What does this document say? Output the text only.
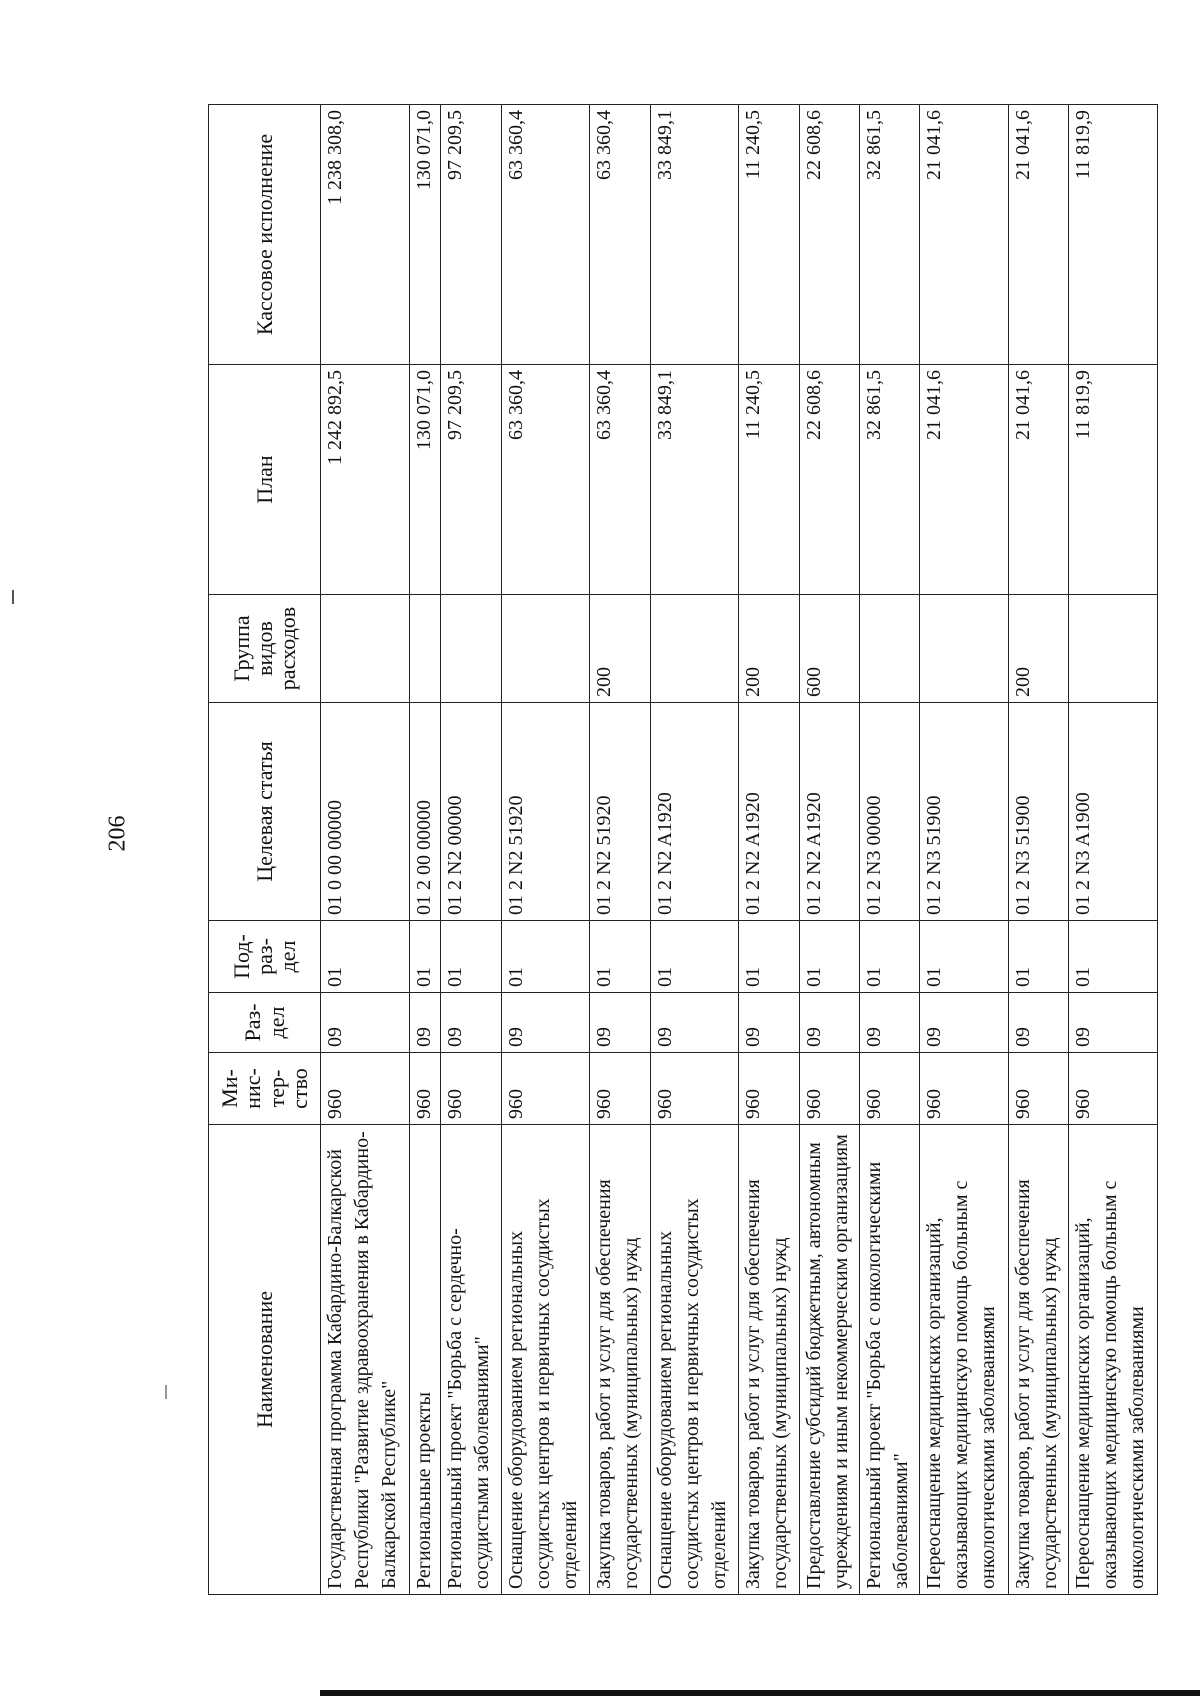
206
Наименование	Ми-нис-тер-ство	Раз-дел	Под-раз-дел	Целевая статья	Группа видов расходов	План	Кассовое исполнение
Государственная программа Кабардино-Балкарской Республики "Развитие здравоохранения в Кабардино-Балкарской Республике"	960	09	01	01 0 00 00000		1 242 892,5	1 238 308,0
Региональные проекты	960	09	01	01 2 00 00000		130 071,0	130 071,0
Региональный проект "Борьба с сердечно-сосудистыми заболеваниями"	960	09	01	01 2 N2 00000		97 209,5	97 209,5
Оснащение оборудованием региональных сосудистых центров и первичных сосудистых отделений	960	09	01	01 2 N2 51920		63 360,4	63 360,4
Закупка товаров, работ и услуг для обеспечения государственных (муниципальных) нужд	960	09	01	01 2 N2 51920	200	63 360,4	63 360,4
Оснащение оборудованием региональных сосудистых центров и первичных сосудистых отделений	960	09	01	01 2 N2 A1920		33 849,1	33 849,1
Закупка товаров, работ и услуг для обеспечения государственных (муниципальных) нужд	960	09	01	01 2 N2 A1920	200	11 240,5	11 240,5
Предоставление субсидий бюджетным, автономным учреждениям и иным некоммерческим организациям	960	09	01	01 2 N2 A1920	600	22 608,6	22 608,6
Региональный проект "Борьба с онкологическими заболеваниями"	960	09	01	01 2 N3 00000		32 861,5	32 861,5
Переоснащение медицинских организаций, оказывающих медицинскую помощь больным с онкологическими заболеваниями	960	09	01	01 2 N3 51900		21 041,6	21 041,6
Закупка товаров, работ и услуг для обеспечения государственных (муниципальных) нужд	960	09	01	01 2 N3 51900	200	21 041,6	21 041,6
Переоснащение медицинских организаций, оказывающих медицинскую помощь больным с онкологическими заболеваниями	960	09	01	01 2 N3 A1900		11 819,9	11 819,9
